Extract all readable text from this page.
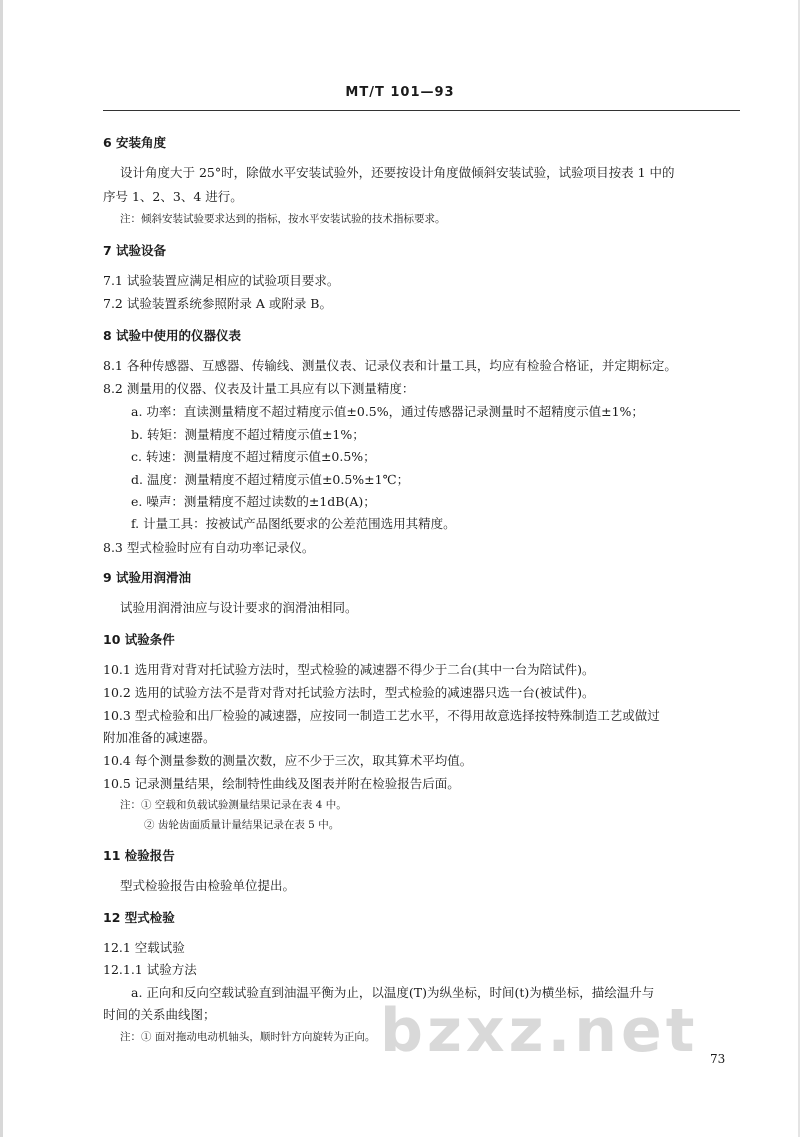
MT/T 101—93
6 安装角度
设计角度大于 25°时，除做水平安装试验外，还要按设计角度做倾斜安装试验，试验项目按表 1 中的
序号 1、2、3、4 进行。
注：倾斜安装试验要求达到的指标，按水平安装试验的技术指标要求。
7 试验设备
7.1 试验装置应满足相应的试验项目要求。
7.2 试验装置系统参照附录 A 或附录 B。
8 试验中使用的仪器仪表
8.1 各种传感器、互感器、传输线、测量仪表、记录仪表和计量工具，均应有检验合格证，并定期标定。
8.2 测量用的仪器、仪表及计量工具应有以下测量精度：
a. 功率：直读测量精度不超过精度示值±0.5%，通过传感器记录测量时不超精度示值±1%；
b. 转矩：测量精度不超过精度示值±1%；
c. 转速：测量精度不超过精度示值±0.5%；
d. 温度：测量精度不超过精度示值±0.5%±1℃；
e. 噪声：测量精度不超过读数的±1dB(A)；
f. 计量工具：按被试产品图纸要求的公差范围选用其精度。
8.3 型式检验时应有自动功率记录仪。
9 试验用润滑油
试验用润滑油应与设计要求的润滑油相同。
10 试验条件
10.1 选用背对背对托试验方法时，型式检验的减速器不得少于二台(其中一台为陪试件)。
10.2 选用的试验方法不是背对背对托试验方法时，型式检验的减速器只选一台(被试件)。
10.3 型式检验和出厂检验的减速器，应按同一制造工艺水平，不得用故意选择按特殊制造工艺或做过
附加准备的减速器。
10.4 每个测量参数的测量次数，应不少于三次，取其算术平均值。
10.5 记录测量结果，绘制特性曲线及图表并附在检验报告后面。
注：① 空载和负载试验测量结果记录在表 4 中。
② 齿轮齿面质量计量结果记录在表 5 中。
11 检验报告
型式检验报告由检验单位提出。
12 型式检验
12.1 空载试验
12.1.1 试验方法
a. 正向和反向空载试验直到油温平衡为止，以温度(T)为纵坐标，时间(t)为横坐标，描绘温升与
时间的关系曲线图；
注：① 面对拖动电动机轴头，顺时针方向旋转为正向。 bzxz.net 73
